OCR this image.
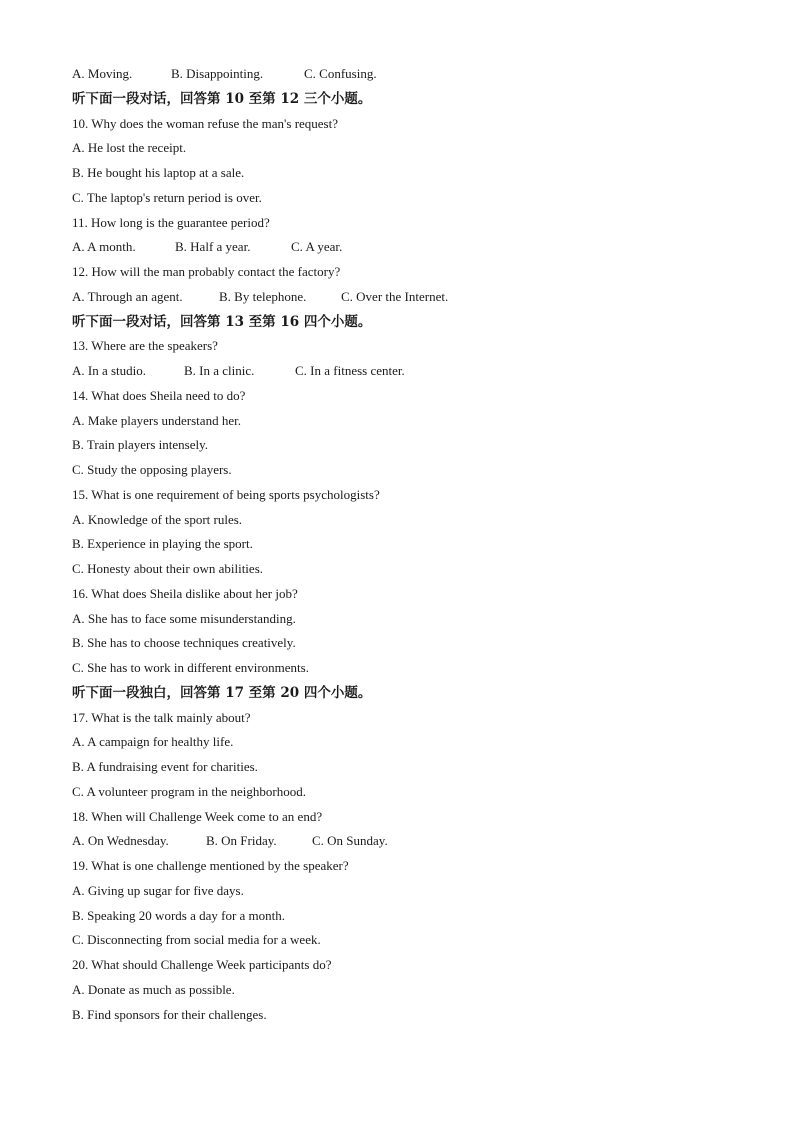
A. Moving.	B. Disappointing.	C. Confusing.
听下面一段对话，回答第 10 至第 12 三个小题。
10. Why does the woman refuse the man's request?
A. He lost the receipt.
B. He bought his laptop at a sale.
C. The laptop's return period is over.
11. How long is the guarantee period?
A. A month.	B. Half a year.	C. A year.
12. How will the man probably contact the factory?
A. Through an agent.	B. By telephone.	C. Over the Internet.
听下面一段对话，回答第 13 至第 16 四个小题。
13. Where are the speakers?
A. In a studio.	B. In a clinic.	C. In a fitness center.
14. What does Sheila need to do?
A. Make players understand her.
B. Train players intensely.
C. Study the opposing players.
15. What is one requirement of being sports psychologists?
A. Knowledge of the sport rules.
B. Experience in playing the sport.
C. Honesty about their own abilities.
16. What does Sheila dislike about her job?
A. She has to face some misunderstanding.
B. She has to choose techniques creatively.
C. She has to work in different environments.
听下面一段独白，回答第 17 至第 20 四个小题。
17. What is the talk mainly about?
A. A campaign for healthy life.
B. A fundraising event for charities.
C. A volunteer program in the neighborhood.
18. When will Challenge Week come to an end?
A. On Wednesday.	B. On Friday.	C. On Sunday.
19. What is one challenge mentioned by the speaker?
A. Giving up sugar for five days.
B. Speaking 20 words a day for a month.
C. Disconnecting from social media for a week.
20. What should Challenge Week participants do?
A. Donate as much as possible.
B. Find sponsors for their challenges.
